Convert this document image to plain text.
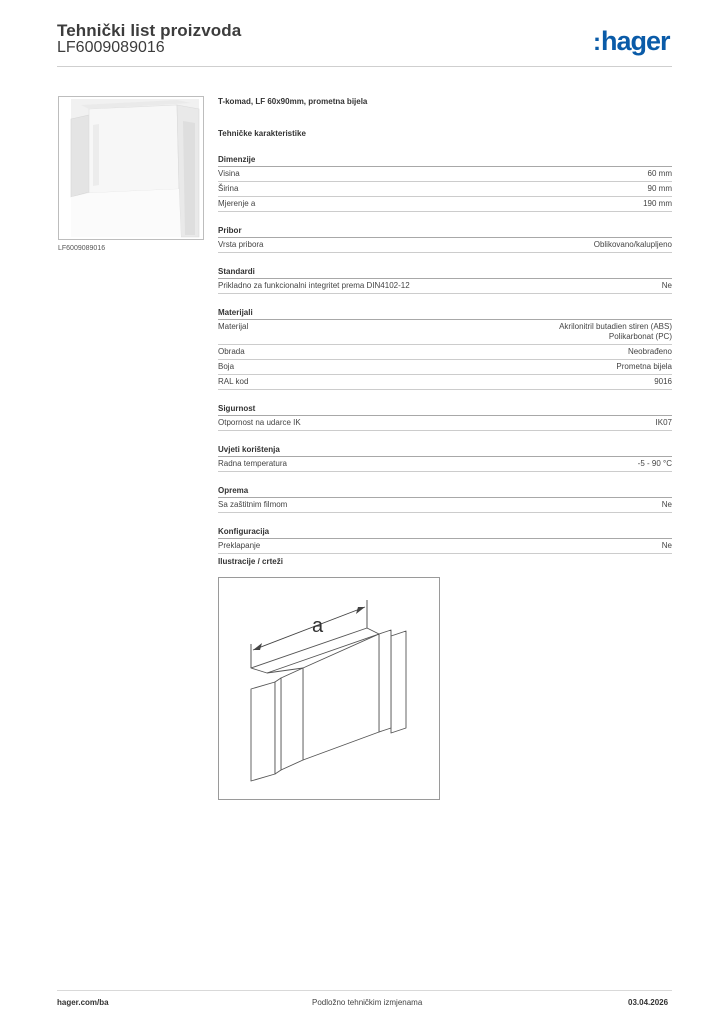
Tehnički list proizvoda
LF6009089016	:hager
LF6009089016
T-komad, LF 60x90mm, prometna bijela
Tehničke karakteristike
Dimenzije
Visina	60 mm
Širina	90 mm
Mjerenje a	190 mm
Pribor
Vrsta pribora	Oblikovano/kalupljeno
Standardi
Prikladno za funkcionalni integritet prema DIN4102-12	Ne
Materijali
Materijal	Akrilonitril butadien stiren (ABS)
Polikarbonat (PC)
Obrada	Neobrađeno
Boja	Prometna bijela
RAL kod	9016
Sigurnost
Otpornost na udarce IK	IK07
Uvjeti korištenja
Radna temperatura	-5 - 90 °C
Oprema
Sa zaštitnim filmom	Ne
Konfiguracija
Preklapanje	Ne
Ilustracije / crteži
a
hager.com/ba	Podložno tehničkim izmjenama	03.04.2026
